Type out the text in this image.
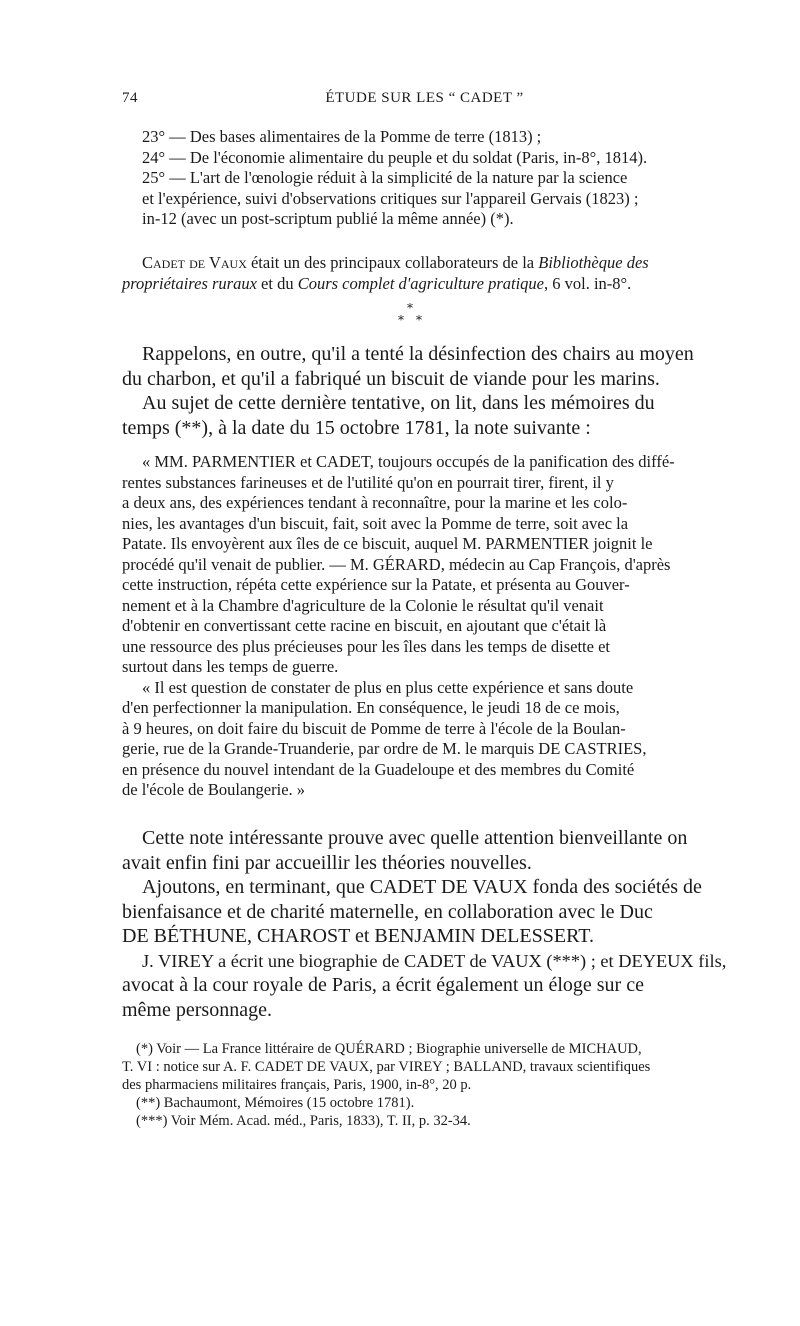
74	ÉTUDE SUR LES “ CADET ”
23° — Des bases alimentaires de la Pomme de terre (1813) ;
24° — De l'économie alimentaire du peuple et du soldat (Paris, in-8°, 1814).
25° — L'art de l'œnologie réduit à la simplicité de la nature par la science
et l'expérience, suivi d'observations critiques sur l'appareil Gervais (1823) ;
in-12 (avec un post-scriptum publié la même année) (*).
Cadet de Vaux était un des principaux collaborateurs de la Bibliothèque des
propriétaires ruraux et du Cours complet d'agriculture pratique, 6 vol. in-8°.
*
**
Rappelons, en outre, qu'il a tenté la désinfection des chairs au moyen
du charbon, et qu'il a fabriqué un biscuit de viande pour les marins.
Au sujet de cette dernière tentative, on lit, dans les mémoires du
temps (**), à la date du 15 octobre 1781, la note suivante :
« MM. PARMENTIER et CADET, toujours occupés de la panification des diffé-
rentes substances farineuses et de l'utilité qu'on en pourrait tirer, firent, il y
a deux ans, des expériences tendant à reconnaître, pour la marine et les colo-
nies, les avantages d'un biscuit, fait, soit avec la Pomme de terre, soit avec la
Patate. Ils envoyèrent aux îles de ce biscuit, auquel M. PARMENTIER joignit le
procédé qu'il venait de publier. — M. GÉRARD, médecin au Cap François, d'après
cette instruction, répéta cette expérience sur la Patate, et présenta au Gouver-
nement et à la Chambre d'agriculture de la Colonie le résultat qu'il venait
d'obtenir en convertissant cette racine en biscuit, en ajoutant que c'était là
une ressource des plus précieuses pour les îles dans les temps de disette et
surtout dans les temps de guerre.
« Il est question de constater de plus en plus cette expérience et sans doute
d'en perfectionner la manipulation. En conséquence, le jeudi 18 de ce mois,
à 9 heures, on doit faire du biscuit de Pomme de terre à l'école de la Boulan-
gerie, rue de la Grande-Truanderie, par ordre de M. le marquis DE CASTRIES,
en présence du nouvel intendant de la Guadeloupe et des membres du Comité
de l'école de Boulangerie. »
Cette note intéressante prouve avec quelle attention bienveillante on
avait enfin fini par accueillir les théories nouvelles.
Ajoutons, en terminant, que CADET DE VAUX fonda des sociétés de
bienfaisance et de charité maternelle, en collaboration avec le Duc
DE BÉTHUNE, CHAROST et BENJAMIN DELESSERT.
J. VIREY a écrit une biographie de CADET de VAUX (***) ; et DEYEUX fils,
avocat à la cour royale de Paris, a écrit également un éloge sur ce
même personnage.
(*) Voir — La France littéraire de QUÉRARD ; Biographie universelle de MICHAUD,
T. VI : notice sur A. F. CADET DE VAUX, par VIREY ; BALLAND, travaux scientifiques
des pharmaciens militaires français, Paris, 1900, in-8°, 20 p.
(**) Bachaumont, Mémoires (15 octobre 1781).
(***) Voir Mém. Acad. méd., Paris, 1833), T. II, p. 32-34.
